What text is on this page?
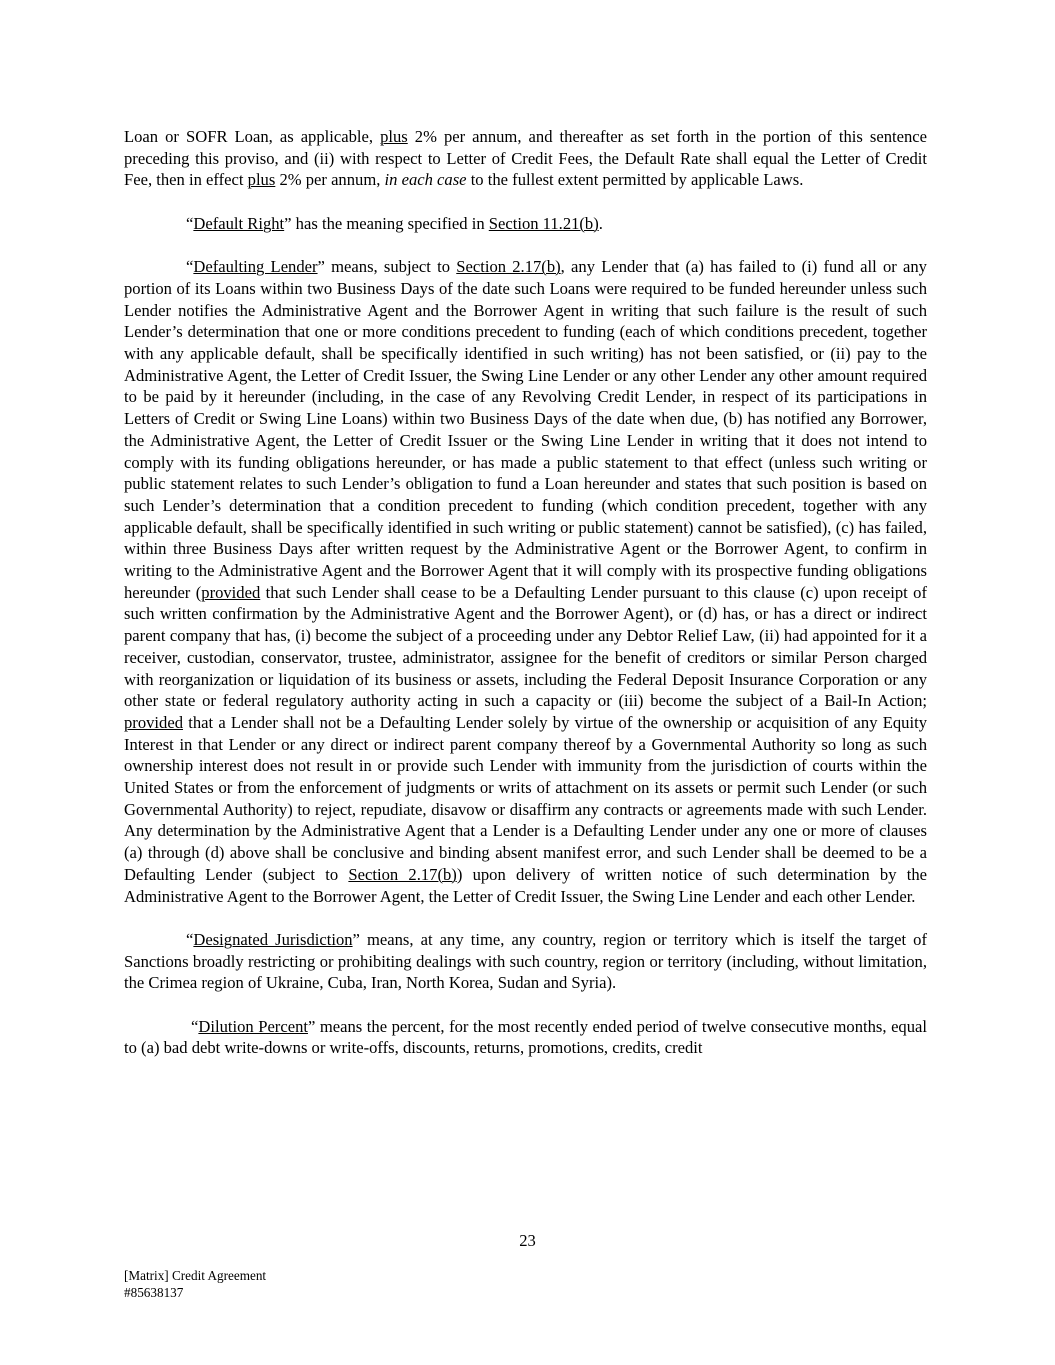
Loan or SOFR Loan, as applicable, plus 2% per annum, and thereafter as set forth in the portion of this sentence preceding this proviso, and (ii) with respect to Letter of Credit Fees, the Default Rate shall equal the Letter of Credit Fee, then in effect plus 2% per annum, in each case to the fullest extent permitted by applicable Laws.

“Default Right” has the meaning specified in Section 11.21(b).

“Defaulting Lender” means, subject to Section 2.17(b), any Lender that (a) has failed to (i) fund all or any portion of its Loans within two Business Days of the date such Loans were required to be funded hereunder unless such Lender notifies the Administrative Agent and the Borrower Agent in writing that such failure is the result of such Lender’s determination that one or more conditions precedent to funding (each of which conditions precedent, together with any applicable default, shall be specifically identified in such writing) has not been satisfied, or (ii) pay to the Administrative Agent, the Letter of Credit Issuer, the Swing Line Lender or any other Lender any other amount required to be paid by it hereunder (including, in the case of any Revolving Credit Lender, in respect of its participations in Letters of Credit or Swing Line Loans) within two Business Days of the date when due, (b) has notified any Borrower, the Administrative Agent, the Letter of Credit Issuer or the Swing Line Lender in writing that it does not intend to comply with its funding obligations hereunder, or has made a public statement to that effect (unless such writing or public statement relates to such Lender’s obligation to fund a Loan hereunder and states that such position is based on such Lender’s determination that a condition precedent to funding (which condition precedent, together with any applicable default, shall be specifically identified in such writing or public statement) cannot be satisfied), (c) has failed, within three Business Days after written request by the Administrative Agent or the Borrower Agent, to confirm in writing to the Administrative Agent and the Borrower Agent that it will comply with its prospective funding obligations hereunder (provided that such Lender shall cease to be a Defaulting Lender pursuant to this clause (c) upon receipt of such written confirmation by the Administrative Agent and the Borrower Agent), or (d) has, or has a direct or indirect parent company that has, (i) become the subject of a proceeding under any Debtor Relief Law, (ii) had appointed for it a receiver, custodian, conservator, trustee, administrator, assignee for the benefit of creditors or similar Person charged with reorganization or liquidation of its business or assets, including the Federal Deposit Insurance Corporation or any other state or federal regulatory authority acting in such a capacity or (iii) become the subject of a Bail-In Action; provided that a Lender shall not be a Defaulting Lender solely by virtue of the ownership or acquisition of any Equity Interest in that Lender or any direct or indirect parent company thereof by a Governmental Authority so long as such ownership interest does not result in or provide such Lender with immunity from the jurisdiction of courts within the United States or from the enforcement of judgments or writs of attachment on its assets or permit such Lender (or such Governmental Authority) to reject, repudiate, disavow or disaffirm any contracts or agreements made with such Lender. Any determination by the Administrative Agent that a Lender is a Defaulting Lender under any one or more of clauses (a) through (d) above shall be conclusive and binding absent manifest error, and such Lender shall be deemed to be a Defaulting Lender (subject to Section 2.17(b)) upon delivery of written notice of such determination by the Administrative Agent to the Borrower Agent, the Letter of Credit Issuer, the Swing Line Lender and each other Lender.

“Designated Jurisdiction” means, at any time, any country, region or territory which is itself the target of Sanctions broadly restricting or prohibiting dealings with such country, region or territory (including, without limitation, the Crimea region of Ukraine, Cuba, Iran, North Korea, Sudan and Syria).

“Dilution Percent” means the percent, for the most recently ended period of twelve consecutive months, equal to (a) bad debt write-downs or write-offs, discounts, returns, promotions, credits, credit

23
[Matrix] Credit Agreement
#85638137
